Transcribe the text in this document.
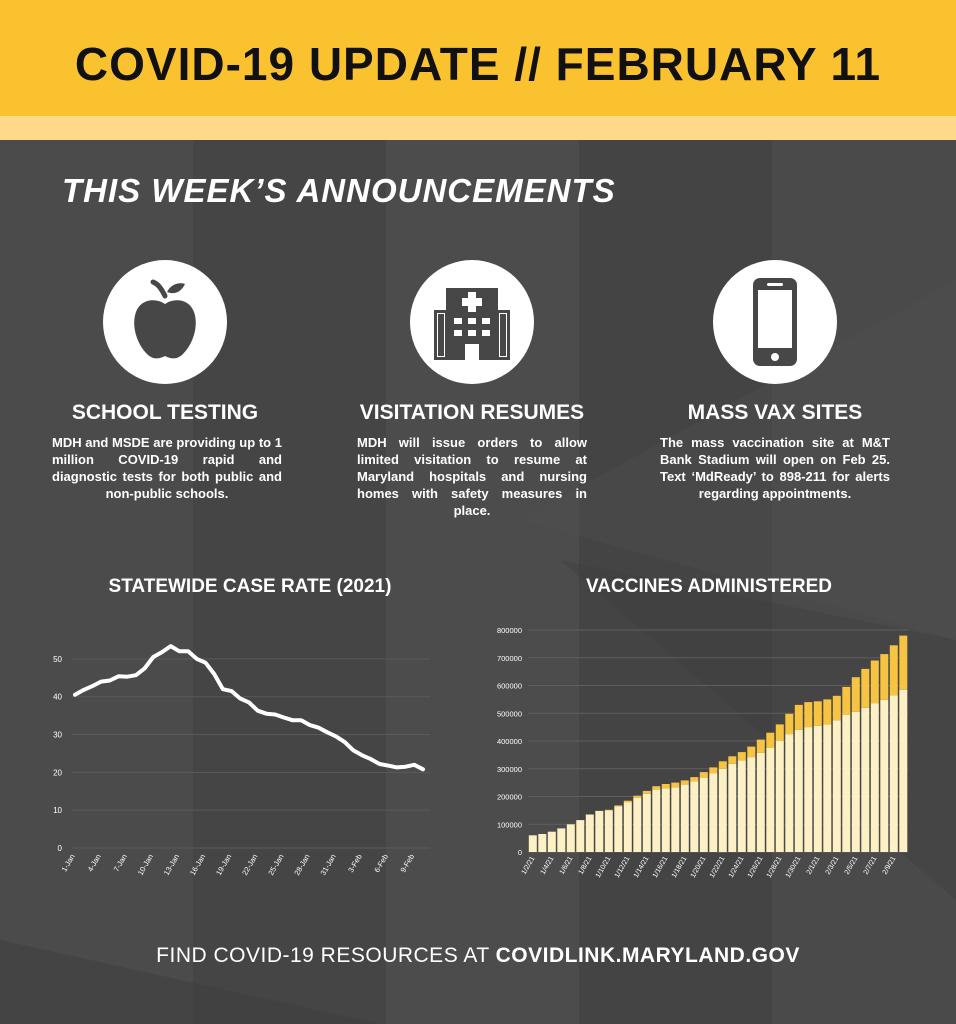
COVID-19 UPDATE // FEBRUARY 11
THIS WEEK’S ANNOUNCEMENTS
SCHOOL TESTING
MDH and MSDE are providing up to 1 million COVID-19 rapid and diagnostic tests for both public and non-public schools.
VISITATION RESUMES
MDH will issue orders to allow limited visitation to resume at Maryland hospitals and nursing homes with safety measures in place.
MASS VAX SITES
The mass vaccination site at M&T Bank Stadium will open on Feb 25. Text ‘MdReady’ to 898-211 for alerts regarding appointments.
STATEWIDE CASE RATE (2021)
0
10
20
30
40
50
1-Jan 4-Jan 7-Jan 10-Jan 13-Jan 16-Jan 19-Jan 22-Jan 25-Jan 28-Jan 31-Jan 3-Feb 6-Feb 9-Feb
VACCINES ADMINISTERED
0
100000
200000
300000
400000
500000
600000
700000
800000
1/2/21 1/4/21 1/6/21 1/8/21 1/10/21 1/12/21 1/14/21 1/16/21 1/18/21 1/20/21 1/22/21 1/24/21 1/26/21 1/28/21 1/30/21 2/1/21 2/3/21 2/5/21 2/7/21 2/9/21
FIND COVID-19 RESOURCES AT COVIDLINK.MARYLAND.GOV
